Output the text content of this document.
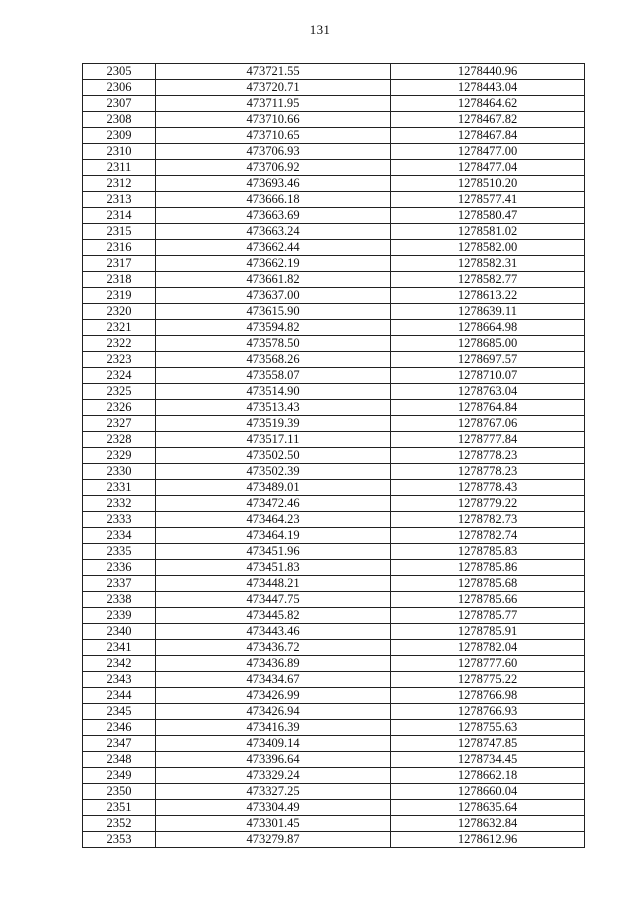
131
2305	473721.55	1278440.96
2306	473720.71	1278443.04
2307	473711.95	1278464.62
2308	473710.66	1278467.82
2309	473710.65	1278467.84
2310	473706.93	1278477.00
2311	473706.92	1278477.04
2312	473693.46	1278510.20
2313	473666.18	1278577.41
2314	473663.69	1278580.47
2315	473663.24	1278581.02
2316	473662.44	1278582.00
2317	473662.19	1278582.31
2318	473661.82	1278582.77
2319	473637.00	1278613.22
2320	473615.90	1278639.11
2321	473594.82	1278664.98
2322	473578.50	1278685.00
2323	473568.26	1278697.57
2324	473558.07	1278710.07
2325	473514.90	1278763.04
2326	473513.43	1278764.84
2327	473519.39	1278767.06
2328	473517.11	1278777.84
2329	473502.50	1278778.23
2330	473502.39	1278778.23
2331	473489.01	1278778.43
2332	473472.46	1278779.22
2333	473464.23	1278782.73
2334	473464.19	1278782.74
2335	473451.96	1278785.83
2336	473451.83	1278785.86
2337	473448.21	1278785.68
2338	473447.75	1278785.66
2339	473445.82	1278785.77
2340	473443.46	1278785.91
2341	473436.72	1278782.04
2342	473436.89	1278777.60
2343	473434.67	1278775.22
2344	473426.99	1278766.98
2345	473426.94	1278766.93
2346	473416.39	1278755.63
2347	473409.14	1278747.85
2348	473396.64	1278734.45
2349	473329.24	1278662.18
2350	473327.25	1278660.04
2351	473304.49	1278635.64
2352	473301.45	1278632.84
2353	473279.87	1278612.96
